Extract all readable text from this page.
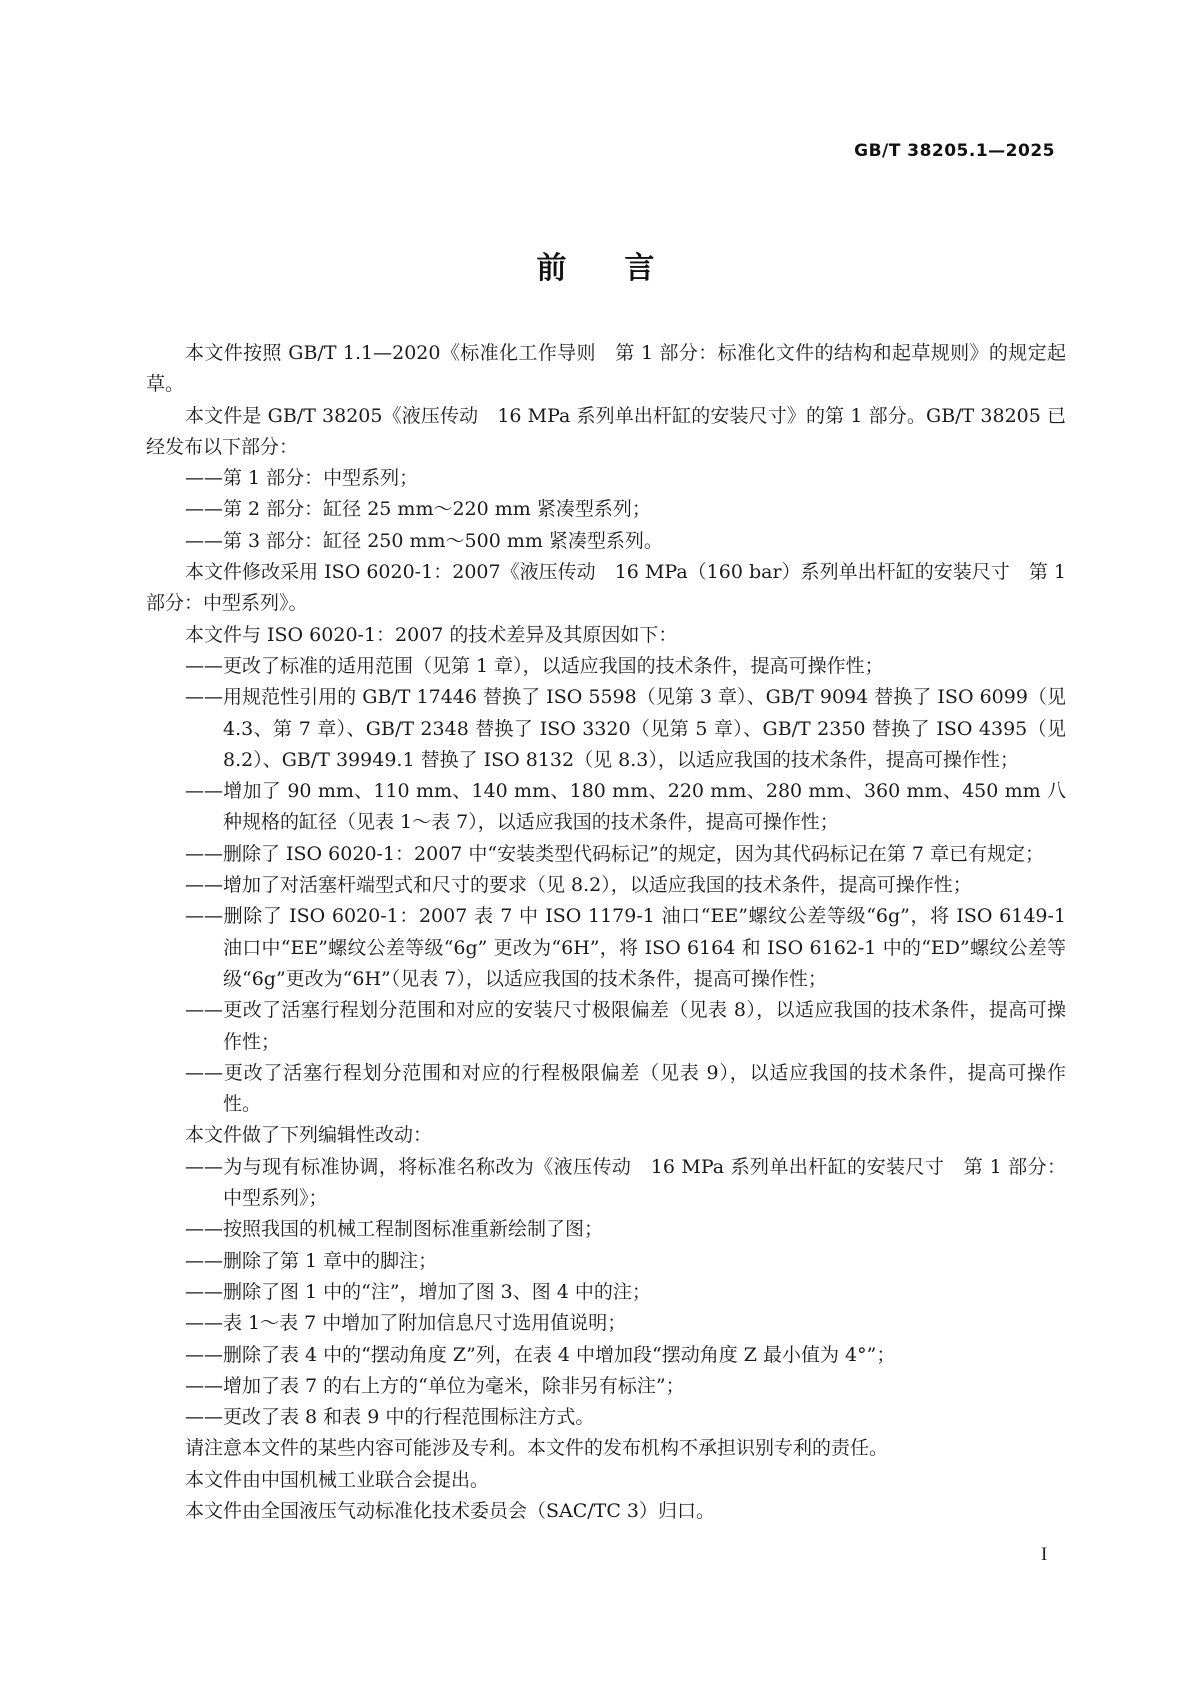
GB/T 38205.1—2025
前言

本文件按照 GB/T 1.1—2020《标准化工作导则　第 1 部分：标准化文件的结构和起草规则》的规定起草。

本文件是 GB/T 38205《液压传动　16 MPa 系列单出杆缸的安装尺寸》的第 1 部分。GB/T 38205 已经发布以下部分：

——第 1 部分：中型系列；

——第 2 部分：缸径 25 mm～220 mm 紧凑型系列；

——第 3 部分：缸径 250 mm～500 mm 紧凑型系列。

本文件修改采用 ISO 6020-1：2007《液压传动　16 MPa（160 bar）系列单出杆缸的安装尺寸　第 1 部分：中型系列》。

本文件与 ISO 6020-1：2007 的技术差异及其原因如下：

——更改了标准的适用范围（见第 1 章），以适应我国的技术条件，提高可操作性；

——用规范性引用的 GB/T 17446 替换了 ISO 5598（见第 3 章）、GB/T 9094 替换了 ISO 6099（见 4.3、第 7 章）、GB/T 2348 替换了 ISO 3320（见第 5 章）、GB/T 2350 替换了 ISO 4395（见8.2）、GB/T 39949.1 替换了 ISO 8132（见 8.3），以适应我国的技术条件，提高可操作性；

——增加了 90 mm、110 mm、140 mm、180 mm、220 mm、280 mm、360 mm、450 mm 八种规格的缸径（见表 1～表 7），以适应我国的技术条件，提高可操作性；

——删除了 ISO 6020-1：2007 中“安装类型代码标记”的规定，因为其代码标记在第 7 章已有规定；

——增加了对活塞杆端型式和尺寸的要求（见 8.2），以适应我国的技术条件，提高可操作性；

——删除了 ISO 6020-1：2007 表 7 中 ISO 1179-1 油口“EE”螺纹公差等级“6g”，将 ISO 6149-1 油口中“EE”螺纹公差等级“6g” 更改为“6H”，将 ISO 6164 和 ISO 6162-1 中的“ED”螺纹公差等级“6g”更改为“6H”（见表 7），以适应我国的技术条件，提高可操作性；

——更改了活塞行程划分范围和对应的安装尺寸极限偏差（见表 8），以适应我国的技术条件，提高可操作性；

——更改了活塞行程划分范围和对应的行程极限偏差（见表 9），以适应我国的技术条件，提高可操作性。

本文件做了下列编辑性改动：

——为与现有标准协调，将标准名称改为《液压传动　16 MPa 系列单出杆缸的安装尺寸　第 1 部分：中型系列》；

——按照我国的机械工程制图标准重新绘制了图；

——删除了第 1 章中的脚注；

——删除了图 1 中的“注”，增加了图 3、图 4 中的注；

——表 1～表 7 中增加了附加信息尺寸选用值说明；

——删除了表 4 中的“摆动角度 Z”列，在表 4 中增加段“摆动角度 Z 最小值为 4°”；

——增加了表 7 的右上方的“单位为毫米，除非另有标注”；

——更改了表 8 和表 9 中的行程范围标注方式。

请注意本文件的某些内容可能涉及专利。本文件的发布机构不承担识别专利的责任。

本文件由中国机械工业联合会提出。

本文件由全国液压气动标准化技术委员会（SAC/TC 3）归口。

I
